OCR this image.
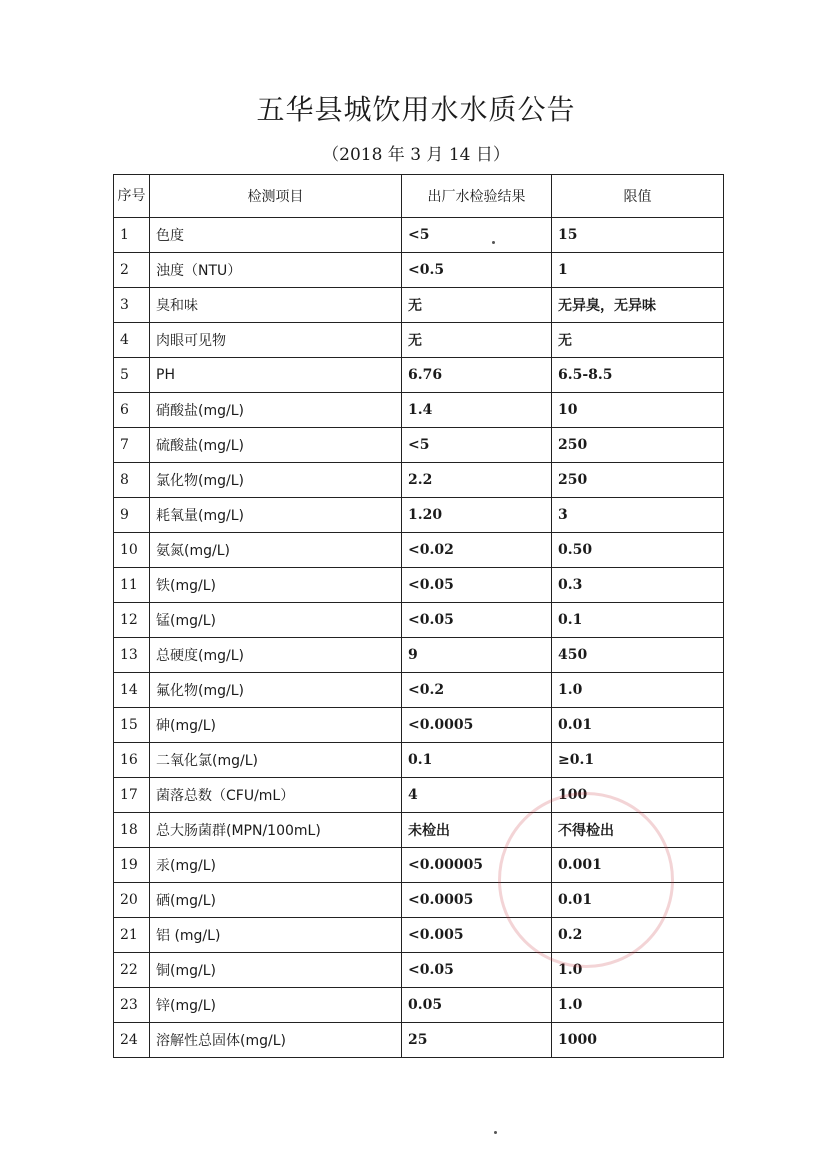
五华县城饮用水水质公告
（2018 年 3 月 14 日）
序号	检测项目	出厂水检验结果	限值
1	色度	<5	15
2	浊度（NTU）	<0.5	1
3	臭和味	无	无异臭，无异味
4	肉眼可见物	无	无
5	PH	6.76	6.5-8.5
6	硝酸盐(mg/L)	1.4	10
7	硫酸盐(mg/L)	<5	250
8	氯化物(mg/L)	2.2	250
9	耗氧量(mg/L)	1.20	3
10	氨氮(mg/L)	<0.02	0.50
11	铁(mg/L)	<0.05	0.3
12	锰(mg/L)	<0.05	0.1
13	总硬度(mg/L)	9	450
14	氟化物(mg/L)	<0.2	1.0
15	砷(mg/L)	<0.0005	0.01
16	二氧化氯(mg/L)	0.1	≥0.1
17	菌落总数（CFU/mL）	4	100
18	总大肠菌群(MPN/100mL)	未检出	不得检出
19	汞(mg/L)	<0.00005	0.001
20	硒(mg/L)	<0.0005	0.01
21	铝 (mg/L)	<0.005	0.2
22	铜(mg/L)	<0.05	1.0
23	锌(mg/L)	0.05	1.0
24	溶解性总固体(mg/L)	25	1000
